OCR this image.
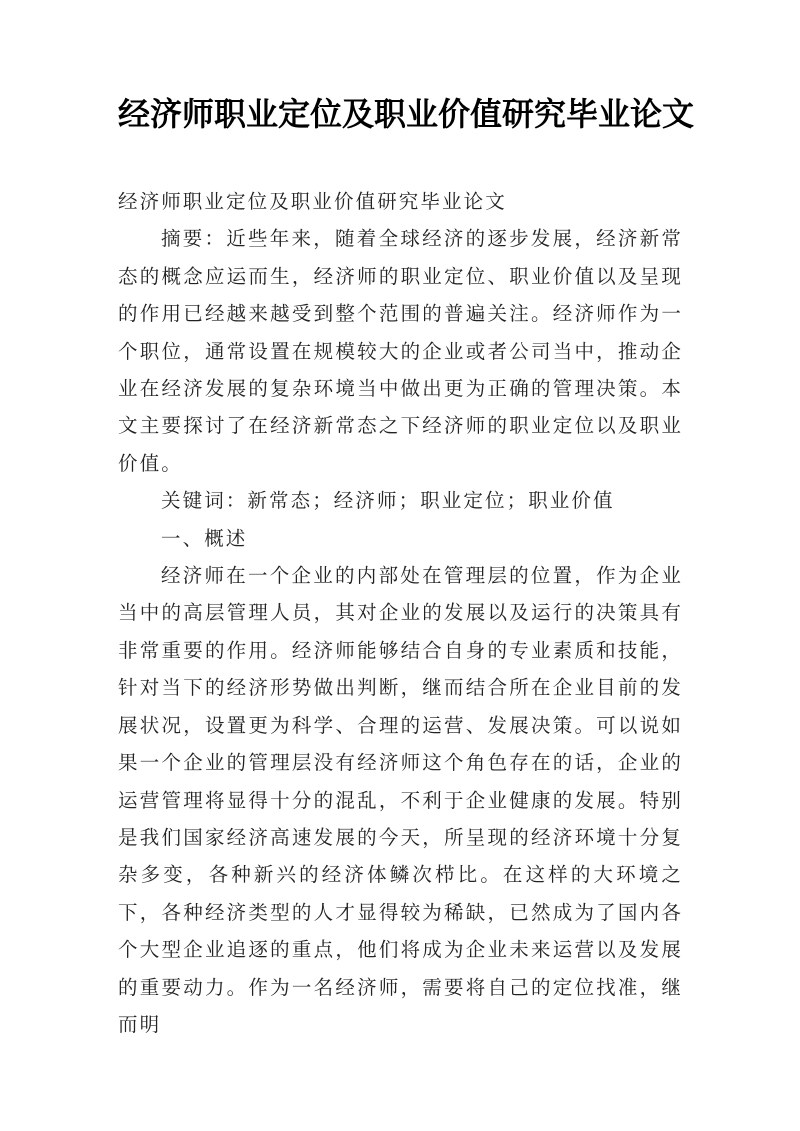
经济师职业定位及职业价值研究毕业论文

经济师职业定位及职业价值研究毕业论文

摘要：近些年来，随着全球经济的逐步发展，经济新常态的概念应运而生，经济师的职业定位、职业价值以及呈现的作用已经越来越受到整个范围的普遍关注。经济师作为一个职位，通常设置在规模较大的企业或者公司当中，推动企业在经济发展的复杂环境当中做出更为正确的管理决策。本文主要探讨了在经济新常态之下经济师的职业定位以及职业价值。

关键词：新常态；经济师；职业定位；职业价值

一、概述

经济师在一个企业的内部处在管理层的位置，作为企业当中的高层管理人员，其对企业的发展以及运行的决策具有非常重要的作用。经济师能够结合自身的专业素质和技能，针对当下的经济形势做出判断，继而结合所在企业目前的发展状况，设置更为科学、合理的运营、发展决策。可以说如果一个企业的管理层没有经济师这个角色存在的话，企业的运营管理将显得十分的混乱，不利于企业健康的发展。特别是我们国家经济高速发展的今天，所呈现的经济环境十分复杂多变，各种新兴的经济体鳞次栉比。在这样的大环境之下，各种经济类型的人才显得较为稀缺，已然成为了国内各个大型企业追逐的重点，他们将成为企业未来运营以及发展的重要动力。作为一名经济师，需要将自己的定位找准，继而明
